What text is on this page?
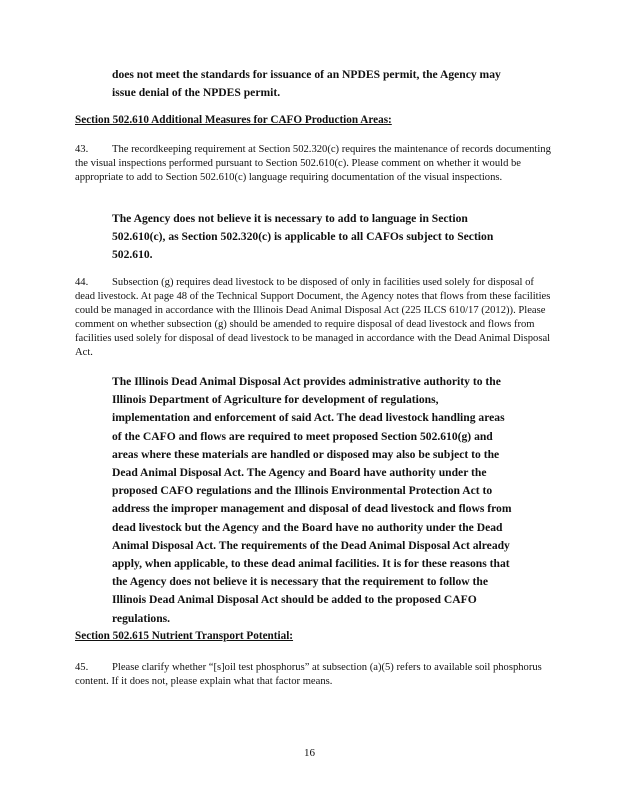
does not meet the standards for issuance of an NPDES permit, the Agency may issue denial of the NPDES permit.

Section 502.610 Additional Measures for CAFO Production Areas:

43. The recordkeeping requirement at Section 502.320(c) requires the maintenance of records documenting the visual inspections performed pursuant to Section 502.610(c). Please comment on whether it would be appropriate to add to Section 502.610(c) language requiring documentation of the visual inspections.

The Agency does not believe it is necessary to add to language in Section 502.610(c), as Section 502.320(c) is applicable to all CAFOs subject to Section 502.610.

44. Subsection (g) requires dead livestock to be disposed of only in facilities used solely for disposal of dead livestock. At page 48 of the Technical Support Document, the Agency notes that flows from these facilities could be managed in accordance with the Illinois Dead Animal Disposal Act (225 ILCS 610/17 (2012)). Please comment on whether subsection (g) should be amended to require disposal of dead livestock and flows from facilities used solely for disposal of dead livestock to be managed in accordance with the Dead Animal Disposal Act.

The Illinois Dead Animal Disposal Act provides administrative authority to the Illinois Department of Agriculture for development of regulations, implementation and enforcement of said Act. The dead livestock handling areas of the CAFO and flows are required to meet proposed Section 502.610(g) and areas where these materials are handled or disposed may also be subject to the Dead Animal Disposal Act. The Agency and Board have authority under the proposed CAFO regulations and the Illinois Environmental Protection Act to address the improper management and disposal of dead livestock and flows from dead livestock but the Agency and the Board have no authority under the Dead Animal Disposal Act. The requirements of the Dead Animal Disposal Act already apply, when applicable, to these dead animal facilities. It is for these reasons that the Agency does not believe it is necessary that the requirement to follow the Illinois Dead Animal Disposal Act should be added to the proposed CAFO regulations.

Section 502.615 Nutrient Transport Potential:

45. Please clarify whether “[s]oil test phosphorus” at subsection (a)(5) refers to available soil phosphorus content. If it does not, please explain what that factor means.

16
